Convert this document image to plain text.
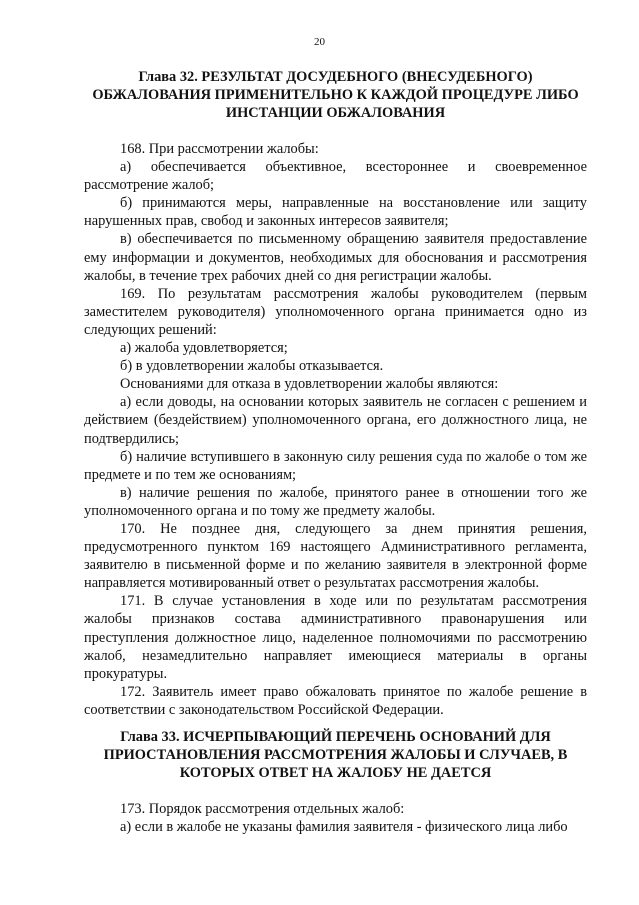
20
Глава 32. РЕЗУЛЬТАТ ДОСУДЕБНОГО (ВНЕСУДЕБНОГО)
ОБЖАЛОВАНИЯ ПРИМЕНИТЕЛЬНО К КАЖДОЙ ПРОЦЕДУРЕ ЛИБО
ИНСТАНЦИИ ОБЖАЛОВАНИЯ

168. При рассмотрении жалобы:

а) обеспечивается объективное, всестороннее и своевременное рассмотрение жалоб;

б) принимаются меры, направленные на восстановление или защиту нарушенных прав, свобод и законных интересов заявителя;

в) обеспечивается по письменному обращению заявителя предоставление ему информации и документов, необходимых для обоснования и рассмотрения жалобы, в течение трех рабочих дней со дня регистрации жалобы.

169. По результатам рассмотрения жалобы руководителем (первым заместителем руководителя) уполномоченного органа принимается одно из следующих решений:

а) жалоба удовлетворяется;

б) в удовлетворении жалобы отказывается.

Основаниями для отказа в удовлетворении жалобы являются:

а) если доводы, на основании которых заявитель не согласен с решением и действием (бездействием) уполномоченного органа, его должностного лица, не подтвердились;

б) наличие вступившего в законную силу решения суда по жалобе о том же предмете и по тем же основаниям;

в) наличие решения по жалобе, принятого ранее в отношении того же уполномоченного органа и по тому же предмету жалобы.

170. Не позднее дня, следующего за днем принятия решения, предусмотренного пунктом 169 настоящего Административного регламента, заявителю в письменной форме и по желанию заявителя в электронной форме направляется мотивированный ответ о результатах рассмотрения жалобы.

171. В случае установления в ходе или по результатам рассмотрения жалобы признаков состава административного правонарушения или преступления должностное лицо, наделенное полномочиями по рассмотрению жалоб, незамедлительно направляет имеющиеся материалы в органы прокуратуры.

172. Заявитель имеет право обжаловать принятое по жалобе решение в соответствии с законодательством Российской Федерации.

Глава 33. ИСЧЕРПЫВАЮЩИЙ ПЕРЕЧЕНЬ ОСНОВАНИЙ ДЛЯ
ПРИОСТАНОВЛЕНИЯ РАССМОТРЕНИЯ ЖАЛОБЫ И СЛУЧАЕВ, В
КОТОРЫХ ОТВЕТ НА ЖАЛОБУ НЕ ДАЕТСЯ

173. Порядок рассмотрения отдельных жалоб:

а) если в жалобе не указаны фамилия заявителя - физического лица либо
